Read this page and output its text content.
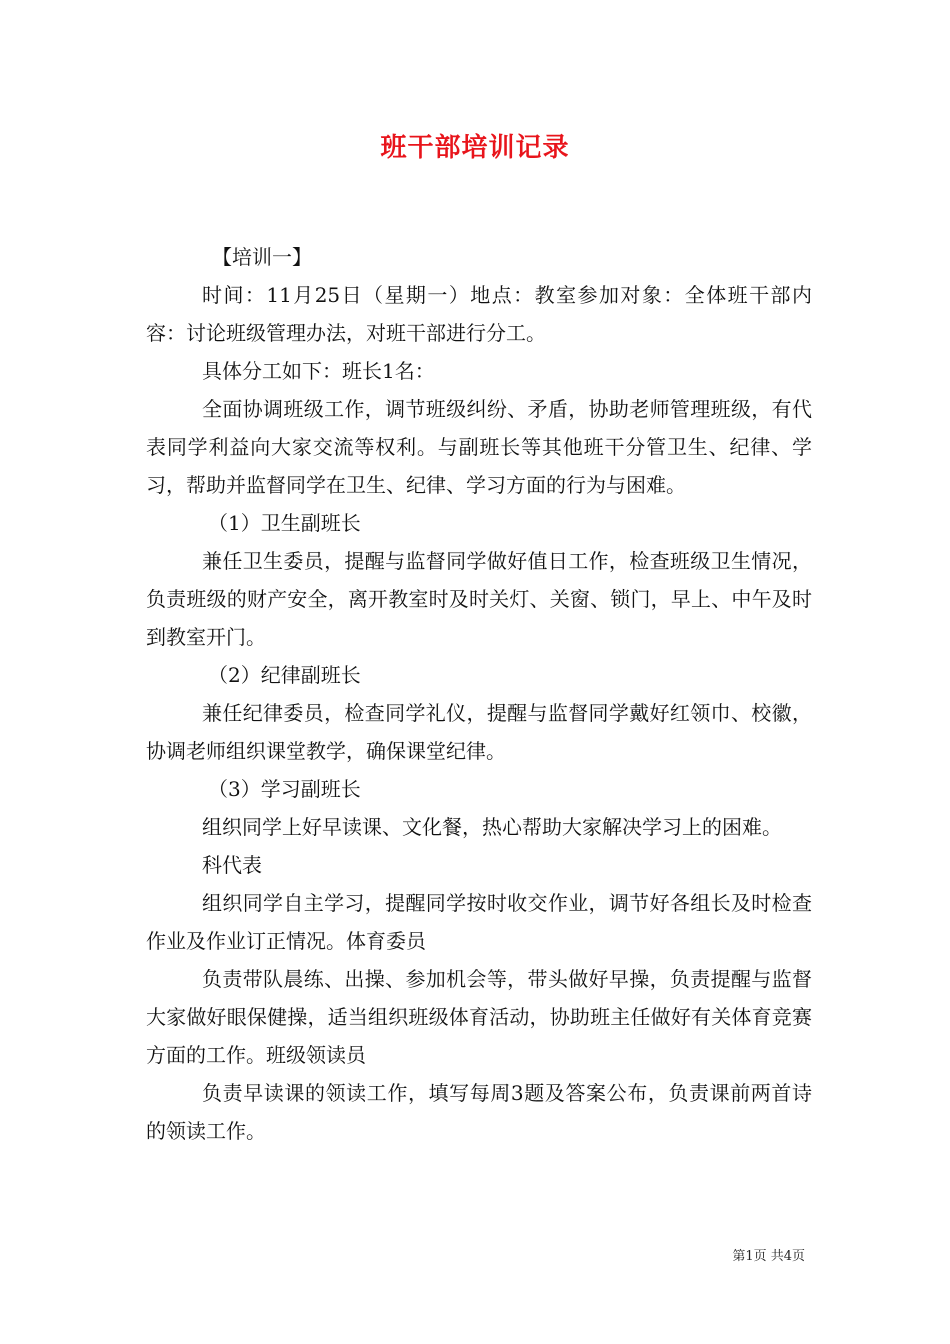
班干部培训记录

【培训一】

时间：11月25日（星期一）地点：教室参加对象：全体班干部内容：讨论班级管理办法，对班干部进行分工。

具体分工如下：班长1名：

全面协调班级工作，调节班级纠纷、矛盾，协助老师管理班级，有代表同学利益向大家交流等权利。与副班长等其他班干分管卫生、纪律、学习，帮助并监督同学在卫生、纪律、学习方面的行为与困难。

（1）卫生副班长

兼任卫生委员，提醒与监督同学做好值日工作，检查班级卫生情况，负责班级的财产安全，离开教室时及时关灯、关窗、锁门，早上、中午及时到教室开门。

（2）纪律副班长

兼任纪律委员，检查同学礼仪，提醒与监督同学戴好红领巾、校徽，协调老师组织课堂教学，确保课堂纪律。

（3）学习副班长

组织同学上好早读课、文化餐，热心帮助大家解决学习上的困难。

科代表

组织同学自主学习，提醒同学按时收交作业，调节好各组长及时检查作业及作业订正情况。体育委员

负责带队晨练、出操、参加机会等，带头做好早操，负责提醒与监督大家做好眼保健操，适当组织班级体育活动，协助班主任做好有关体育竞赛方面的工作。班级领读员

负责早读课的领读工作，填写每周3题及答案公布，负责课前两首诗的领读工作。

第1页 共4页
